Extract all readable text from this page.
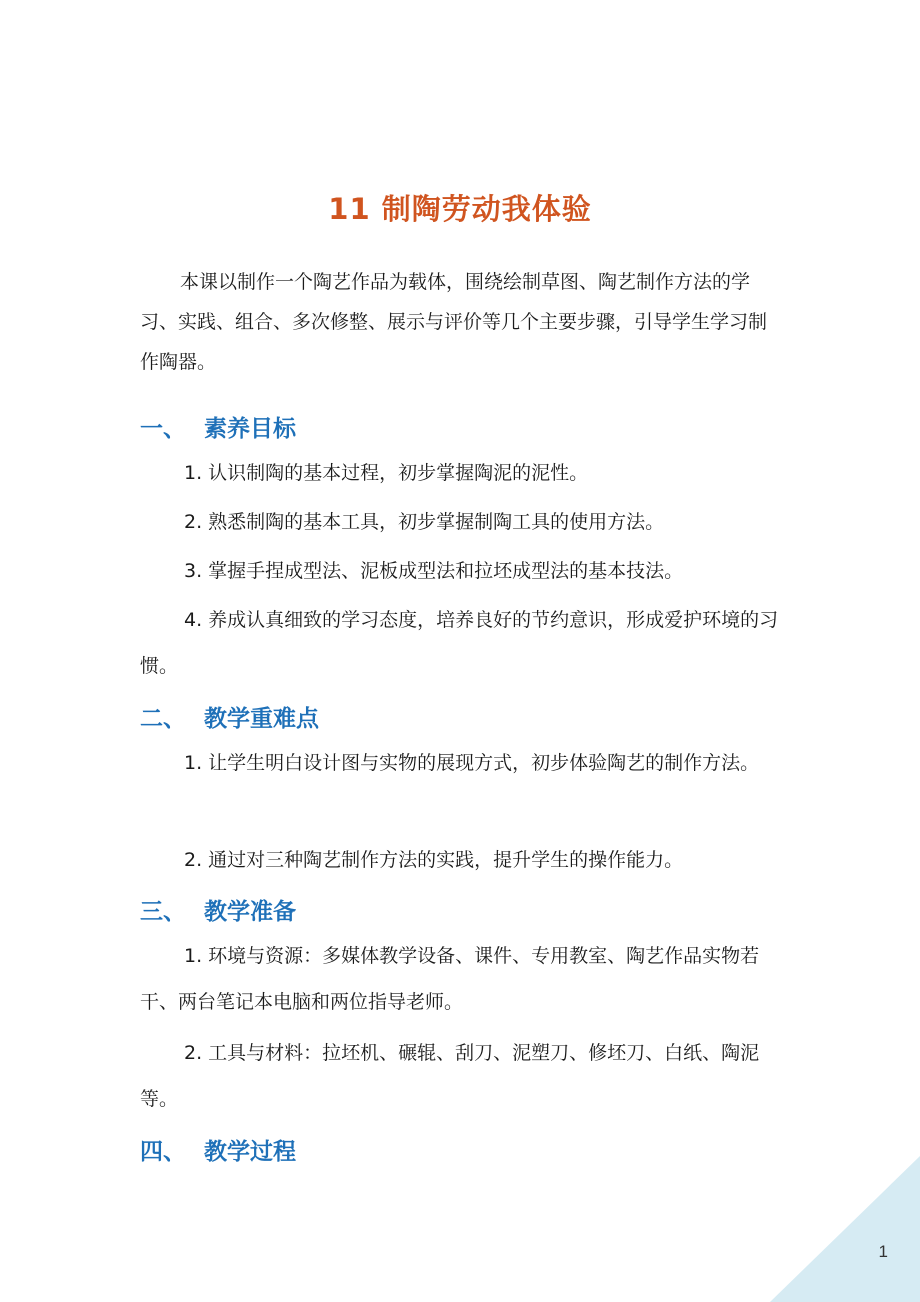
11 制陶劳动我体验

本课以制作一个陶艺作品为载体，围绕绘制草图、陶艺制作方法的学习、实践、组合、多次修整、展示与评价等几个主要步骤，引导学生学习制作陶器。

一、 素养目标

1. 认识制陶的基本过程，初步掌握陶泥的泥性。

2. 熟悉制陶的基本工具，初步掌握制陶工具的使用方法。

3. 掌握手捏成型法、泥板成型法和拉坯成型法的基本技法。

4. 养成认真细致的学习态度，培养良好的节约意识，形成爱护环境的习惯。

二、 教学重难点

1. 让学生明白设计图与实物的展现方式，初步体验陶艺的制作方法。

2. 通过对三种陶艺制作方法的实践，提升学生的操作能力。

三、 教学准备

1. 环境与资源：多媒体教学设备、课件、专用教室、陶艺作品实物若干、两台笔记本电脑和两位指导老师。

2. 工具与材料：拉坯机、碾辊、刮刀、泥塑刀、修坯刀、白纸、陶泥等。

四、 教学过程
1
